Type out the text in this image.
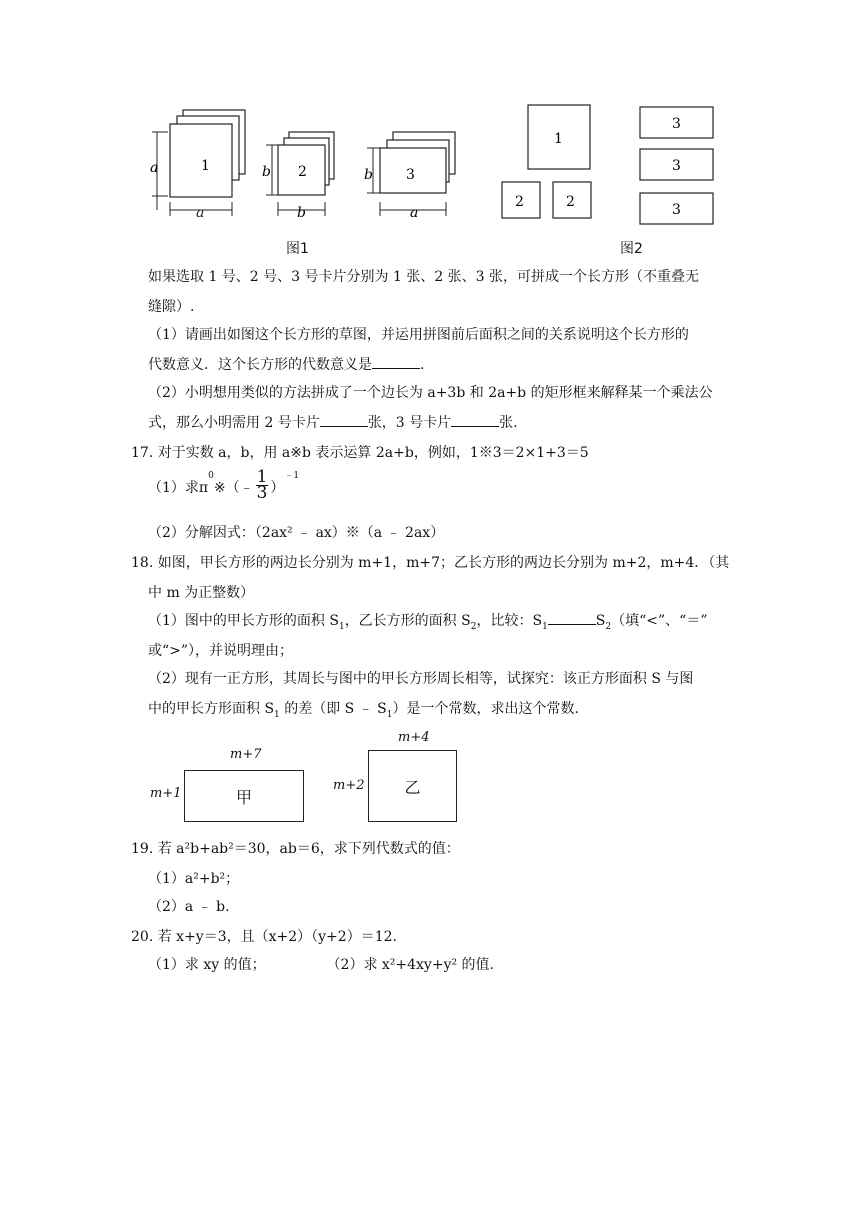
1
a
a
2
b
b
3
b
a
1
2	2
3
3
3
图1	图2
如果选取 1 号、2 号、3 号卡片分别为 1 张、2 张、3 张，可拼成一个长方形（不重叠无
缝隙）.
（1）请画出如图这个长方形的草图，并运用拼图前后面积之间的关系说明这个长方形的
代数意义．这个长方形的代数意义是	.
（2）小明想用类似的方法拼成了一个边长为 a+3b 和 2a+b 的矩形框来解释某一个乘法公
式，那么小明需用 2 号卡片	张，3 号卡片	张.
17. 对于实数 a，b，用 a※b 表示运算 2a+b，例如，1※3＝2×1+3＝5
（1）求$\pi^0※(﹣ \frac{1}{3} )^{﹣1}$
（2）分解因式：（2ax² ﹣ ax）※（a ﹣ 2ax）
18. 如图，甲长方形的两边长分别为 m+1，m+7；乙长方形的两边长分别为 m+2，m+4．（其
中 m 为正整数）
（1）图中的甲长方形的面积 $S_1$，乙长方形的面积 $S_2$，比较：$S_1$	$S_2$（填“<”、“＝”
或“>”），并说明理由；
（2）现有一正方形，其周长与图中的甲长方形周长相等，试探究：该正方形面积 S 与图
中的甲长方形面积 $S_1$ 的差（即 S ﹣ $S_1$）是一个常数，求出这个常数.
m+7
m+1	甲
m+4
m+2 乙
19. 若 a²b+ab²＝30，ab＝6，求下列代数式的值：
（1）a²+b²；
（2）a ﹣ b.
20. 若 x+y＝3，且（x+2）（y+2）＝12.
（1）求 xy 的值；	（2）求 x²+4xy+y² 的值.
